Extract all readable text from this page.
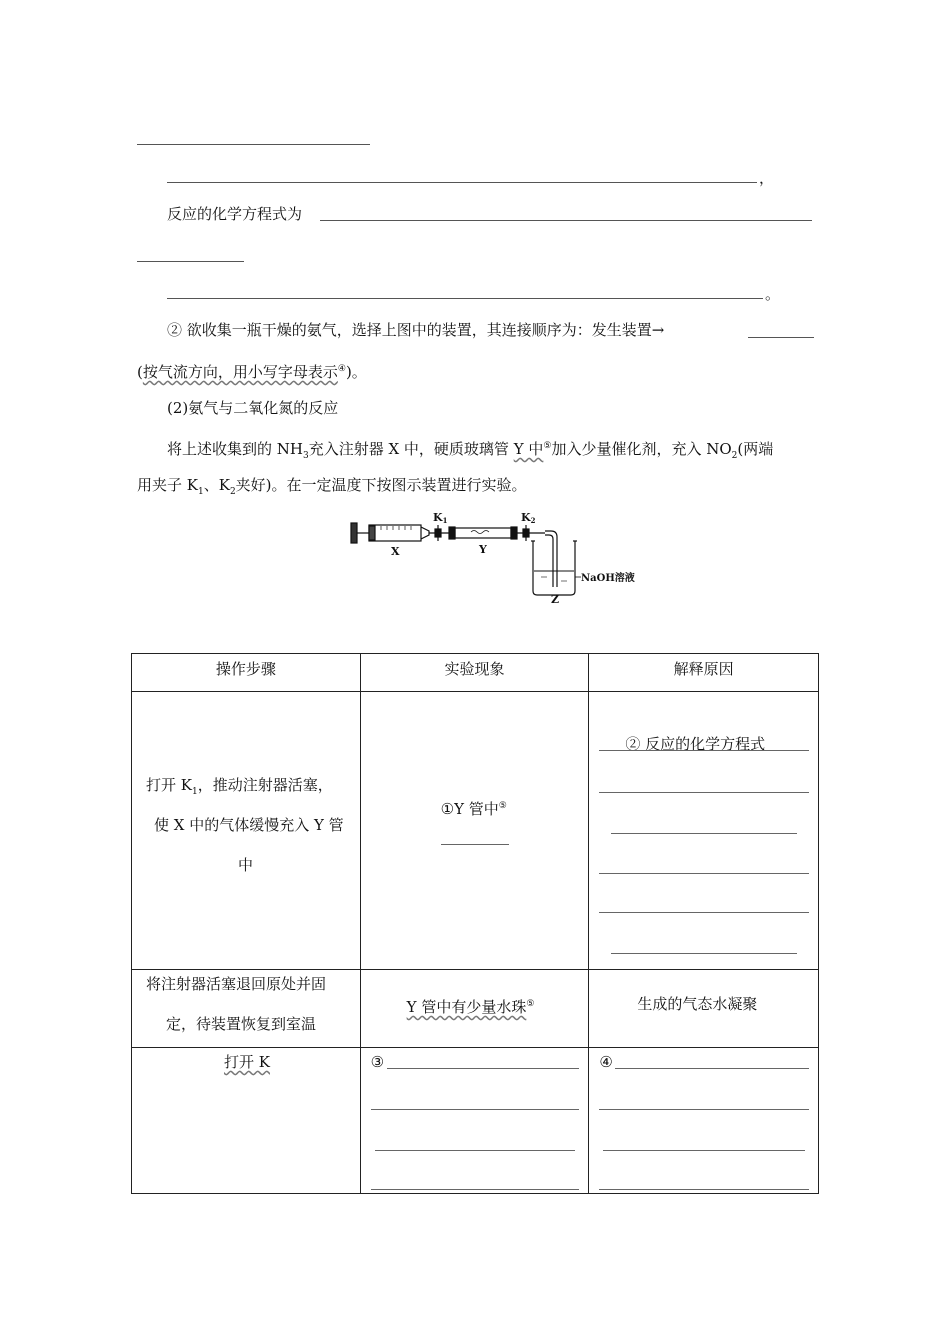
，
反应的化学方程式为
。
② 欲收集一瓶干燥的氨气，选择上图中的装置，其连接顺序为：发生装置→
(按气流方向，用小写字母表示④)。
(2)氨气与二氧化氮的反应
将上述收集到的 $NH_3$充入注射器 X 中，硬质玻璃管 Y 中⑤加入少量催化剂，充入 $NO_2$(两端
用夹子 $K_1$、$K_2$夹好)。在一定温度下按图示装置进行实验。
X	Y
Z
K1	K2
NaOH溶液
操作步骤	实验现象	解释原因

打开 $K_1$，推动注射器活塞，
使 X 中的气体缓慢充入 Y 管
中	①Y 管中⑤	② 反应的化学方程式

将注射器活塞退回原处并固
定，待装置恢复到室温	Y 管中有少量水珠⑤	生成的气态水凝聚

打开 K	③	④
